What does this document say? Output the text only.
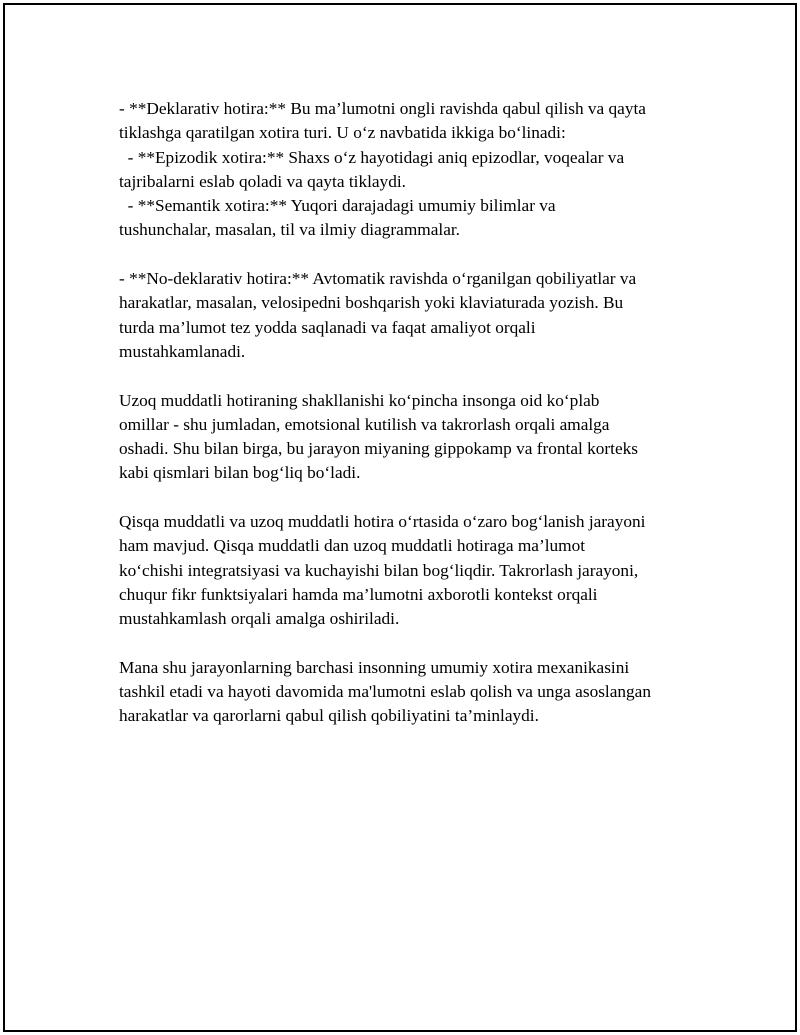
- **Deklarativ hotira:** Bu ma’lumotni ongli ravishda qabul qilish va qayta
tiklashga qaratilgan xotira turi. U o‘z navbatida ikkiga bo‘linadi:
- **Epizodik xotira:** Shaxs o‘z hayotidagi aniq epizodlar, voqealar va
tajribalarni eslab qoladi va qayta tiklaydi.
- **Semantik xotira:** Yuqori darajadagi umumiy bilimlar va
tushunchalar, masalan, til va ilmiy diagrammalar.
- **No-deklarativ hotira:** Avtomatik ravishda o‘rganilgan qobiliyatlar va
harakatlar, masalan, velosipedni boshqarish yoki klaviaturada yozish. Bu
turda ma’lumot tez yodda saqlanadi va faqat amaliyot orqali
mustahkamlanadi.
Uzoq muddatli hotiraning shakllanishi ko‘pincha insonga oid ko‘plab
omillar - shu jumladan, emotsional kutilish va takrorlash orqali amalga
oshadi. Shu bilan birga, bu jarayon miyaning gippokamp va frontal korteks
kabi qismlari bilan bog‘liq bo‘ladi.
Qisqa muddatli va uzoq muddatli hotira o‘rtasida o‘zaro bog‘lanish jarayoni
ham mavjud. Qisqa muddatli dan uzoq muddatli hotiraga ma’lumot
ko‘chishi integratsiyasi va kuchayishi bilan bog‘liqdir. Takrorlash jarayoni,
chuqur fikr funktsiyalari hamda ma’lumotni axborotli kontekst orqali
mustahkamlash orqali amalga oshiriladi.
Mana shu jarayonlarning barchasi insonning umumiy xotira mexanikasini
tashkil etadi va hayoti davomida ma'lumotni eslab qolish va unga asoslangan
harakatlar va qarorlarni qabul qilish qobiliyatini ta’minlaydi.
